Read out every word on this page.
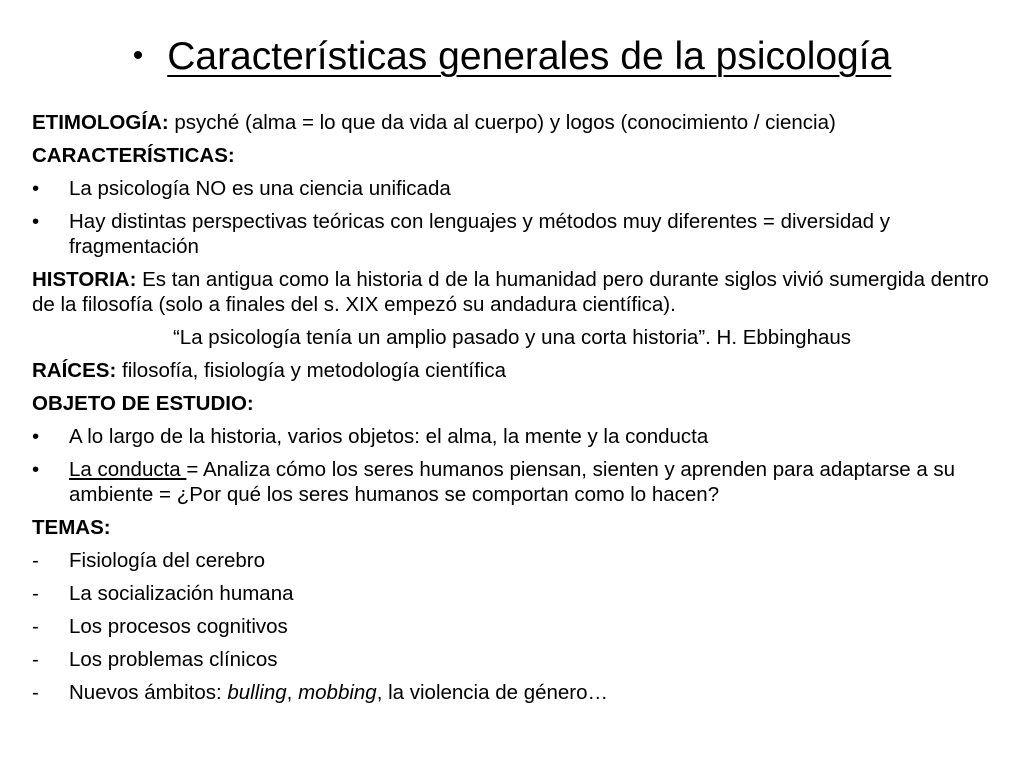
• Características generales de la psicología
ETIMOLOGÍA: psyché (alma = lo que da vida al cuerpo) y logos (conocimiento / ciencia)
CARACTERÍSTICAS:
•	La psicología NO es una ciencia unificada
•	Hay distintas perspectivas teóricas con lenguajes y métodos muy diferentes = diversidad y fragmentación
HISTORIA: Es tan antigua como la historia d de la humanidad pero durante siglos vivió sumergida dentro de la filosofía (solo a finales del s. XIX empezó su andadura científica).
“La psicología tenía un amplio pasado y una corta historia”. H. Ebbinghaus
RAÍCES: filosofía, fisiología y metodología científica
OBJETO DE ESTUDIO:
•	A lo largo de la historia, varios objetos: el alma, la mente y la conducta
•	La conducta = Analiza cómo los seres humanos piensan, sienten y aprenden para adaptarse a su ambiente = ¿Por qué los seres humanos se comportan como lo hacen?
TEMAS:
-	Fisiología del cerebro
-	La socialización humana
-	Los procesos cognitivos
-	Los problemas clínicos
-	Nuevos ámbitos: bulling, mobbing, la violencia de género…
